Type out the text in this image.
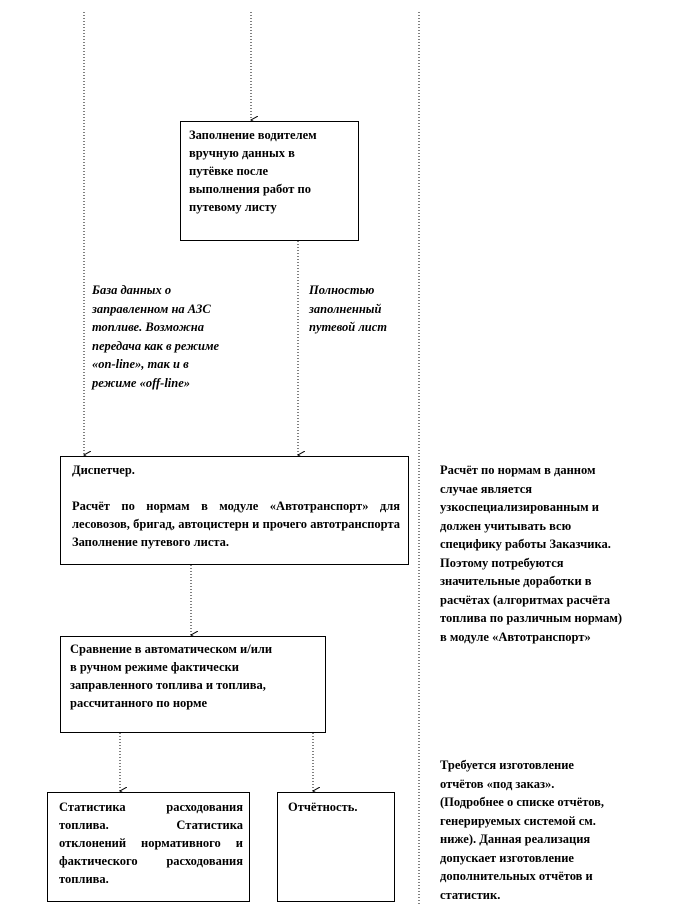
Заполнение водителем
вручную данных в
путёвке после
выполнения работ по
путевому листу
База данных о
заправленном на АЗС
топливе. Возможна
передача как в режиме
«on-line», так и в
режиме «off-line»
Полностью
заполненный
путевой лист
Диспетчер.
Расчёт по нормам в модуле «Автотранспорт» для лесовозов, бригад, автоцистерн и прочего автотранспорта Заполнение путевого листа.
Расчёт по нормам в данном
случае является
узкоспециализированным и
должен учитывать всю
специфику работы Заказчика.
Поэтому потребуются
значительные доработки в
расчётах (алгоритмах расчёта
топлива по различным нормам)
в модуле «Автотранспорт»
Сравнение в автоматическом и/или
в ручном режиме фактически
заправленного топлива и топлива,
рассчитанного по норме
Статистика расходования топлива. Статистика отклонений нормативного и фактического расходования топлива.
Отчётность.
Требуется изготовление
отчётов «под заказ».
(Подробнее о списке отчётов,
генерируемых системой см.
ниже). Данная реализация
допускает изготовление
дополнительных отчётов и
статистик.
